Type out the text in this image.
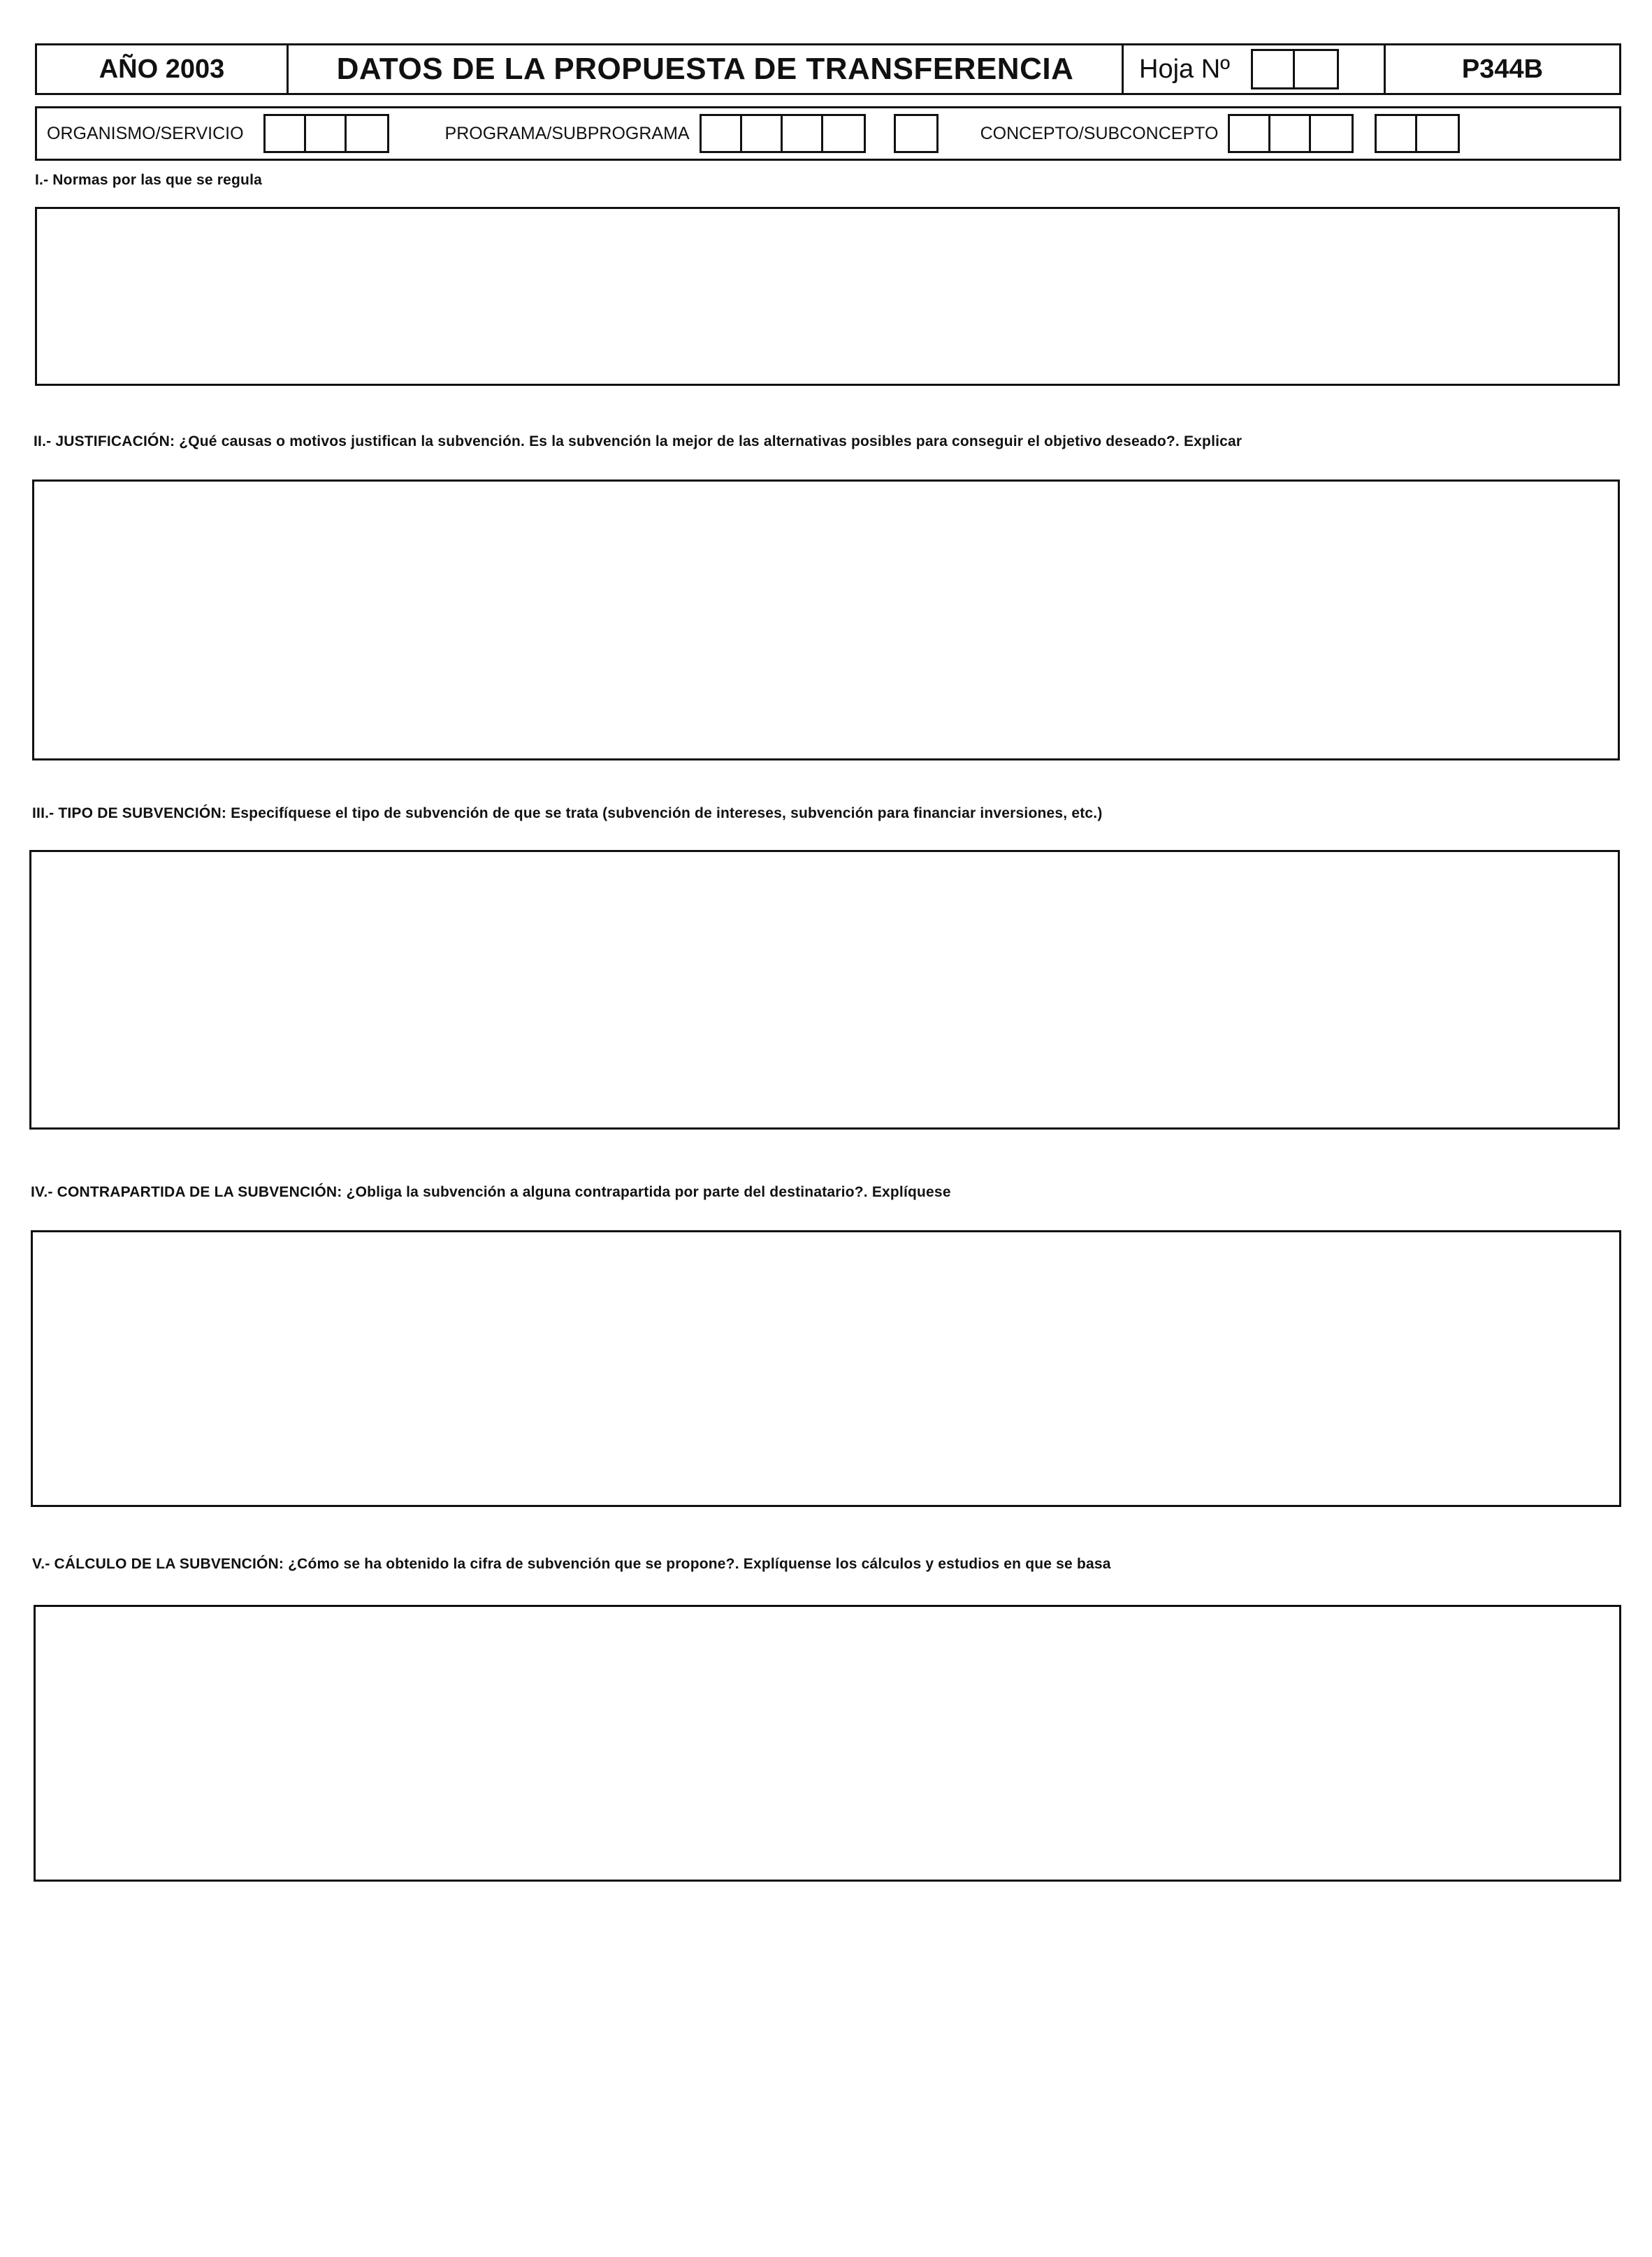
AÑO 2003	DATOS DE LA PROPUESTA DE TRANSFERENCIA	Hoja Nº	P344B
ORGANISMO/SERVICIO	PROGRAMA/SUBPROGRAMA	CONCEPTO/SUBCONCEPTO
I.- Normas por las que se regula
II.- JUSTIFICACIÓN: ¿Qué causas o motivos justifican la subvención. Es la subvención la mejor de las alternativas posibles para conseguir el objetivo deseado?. Explicar
III.- TIPO DE SUBVENCIÓN: Especifíquese el tipo de subvención de que se trata (subvención de intereses, subvención para financiar inversiones, etc.)
IV.- CONTRAPARTIDA DE LA SUBVENCIÓN: ¿Obliga la subvención a alguna contrapartida por parte del destinatario?. Explíquese
V.- CÁLCULO DE LA SUBVENCIÓN: ¿Cómo se ha obtenido la cifra de subvención que se propone?. Explíquense los cálculos y estudios en que se basa
